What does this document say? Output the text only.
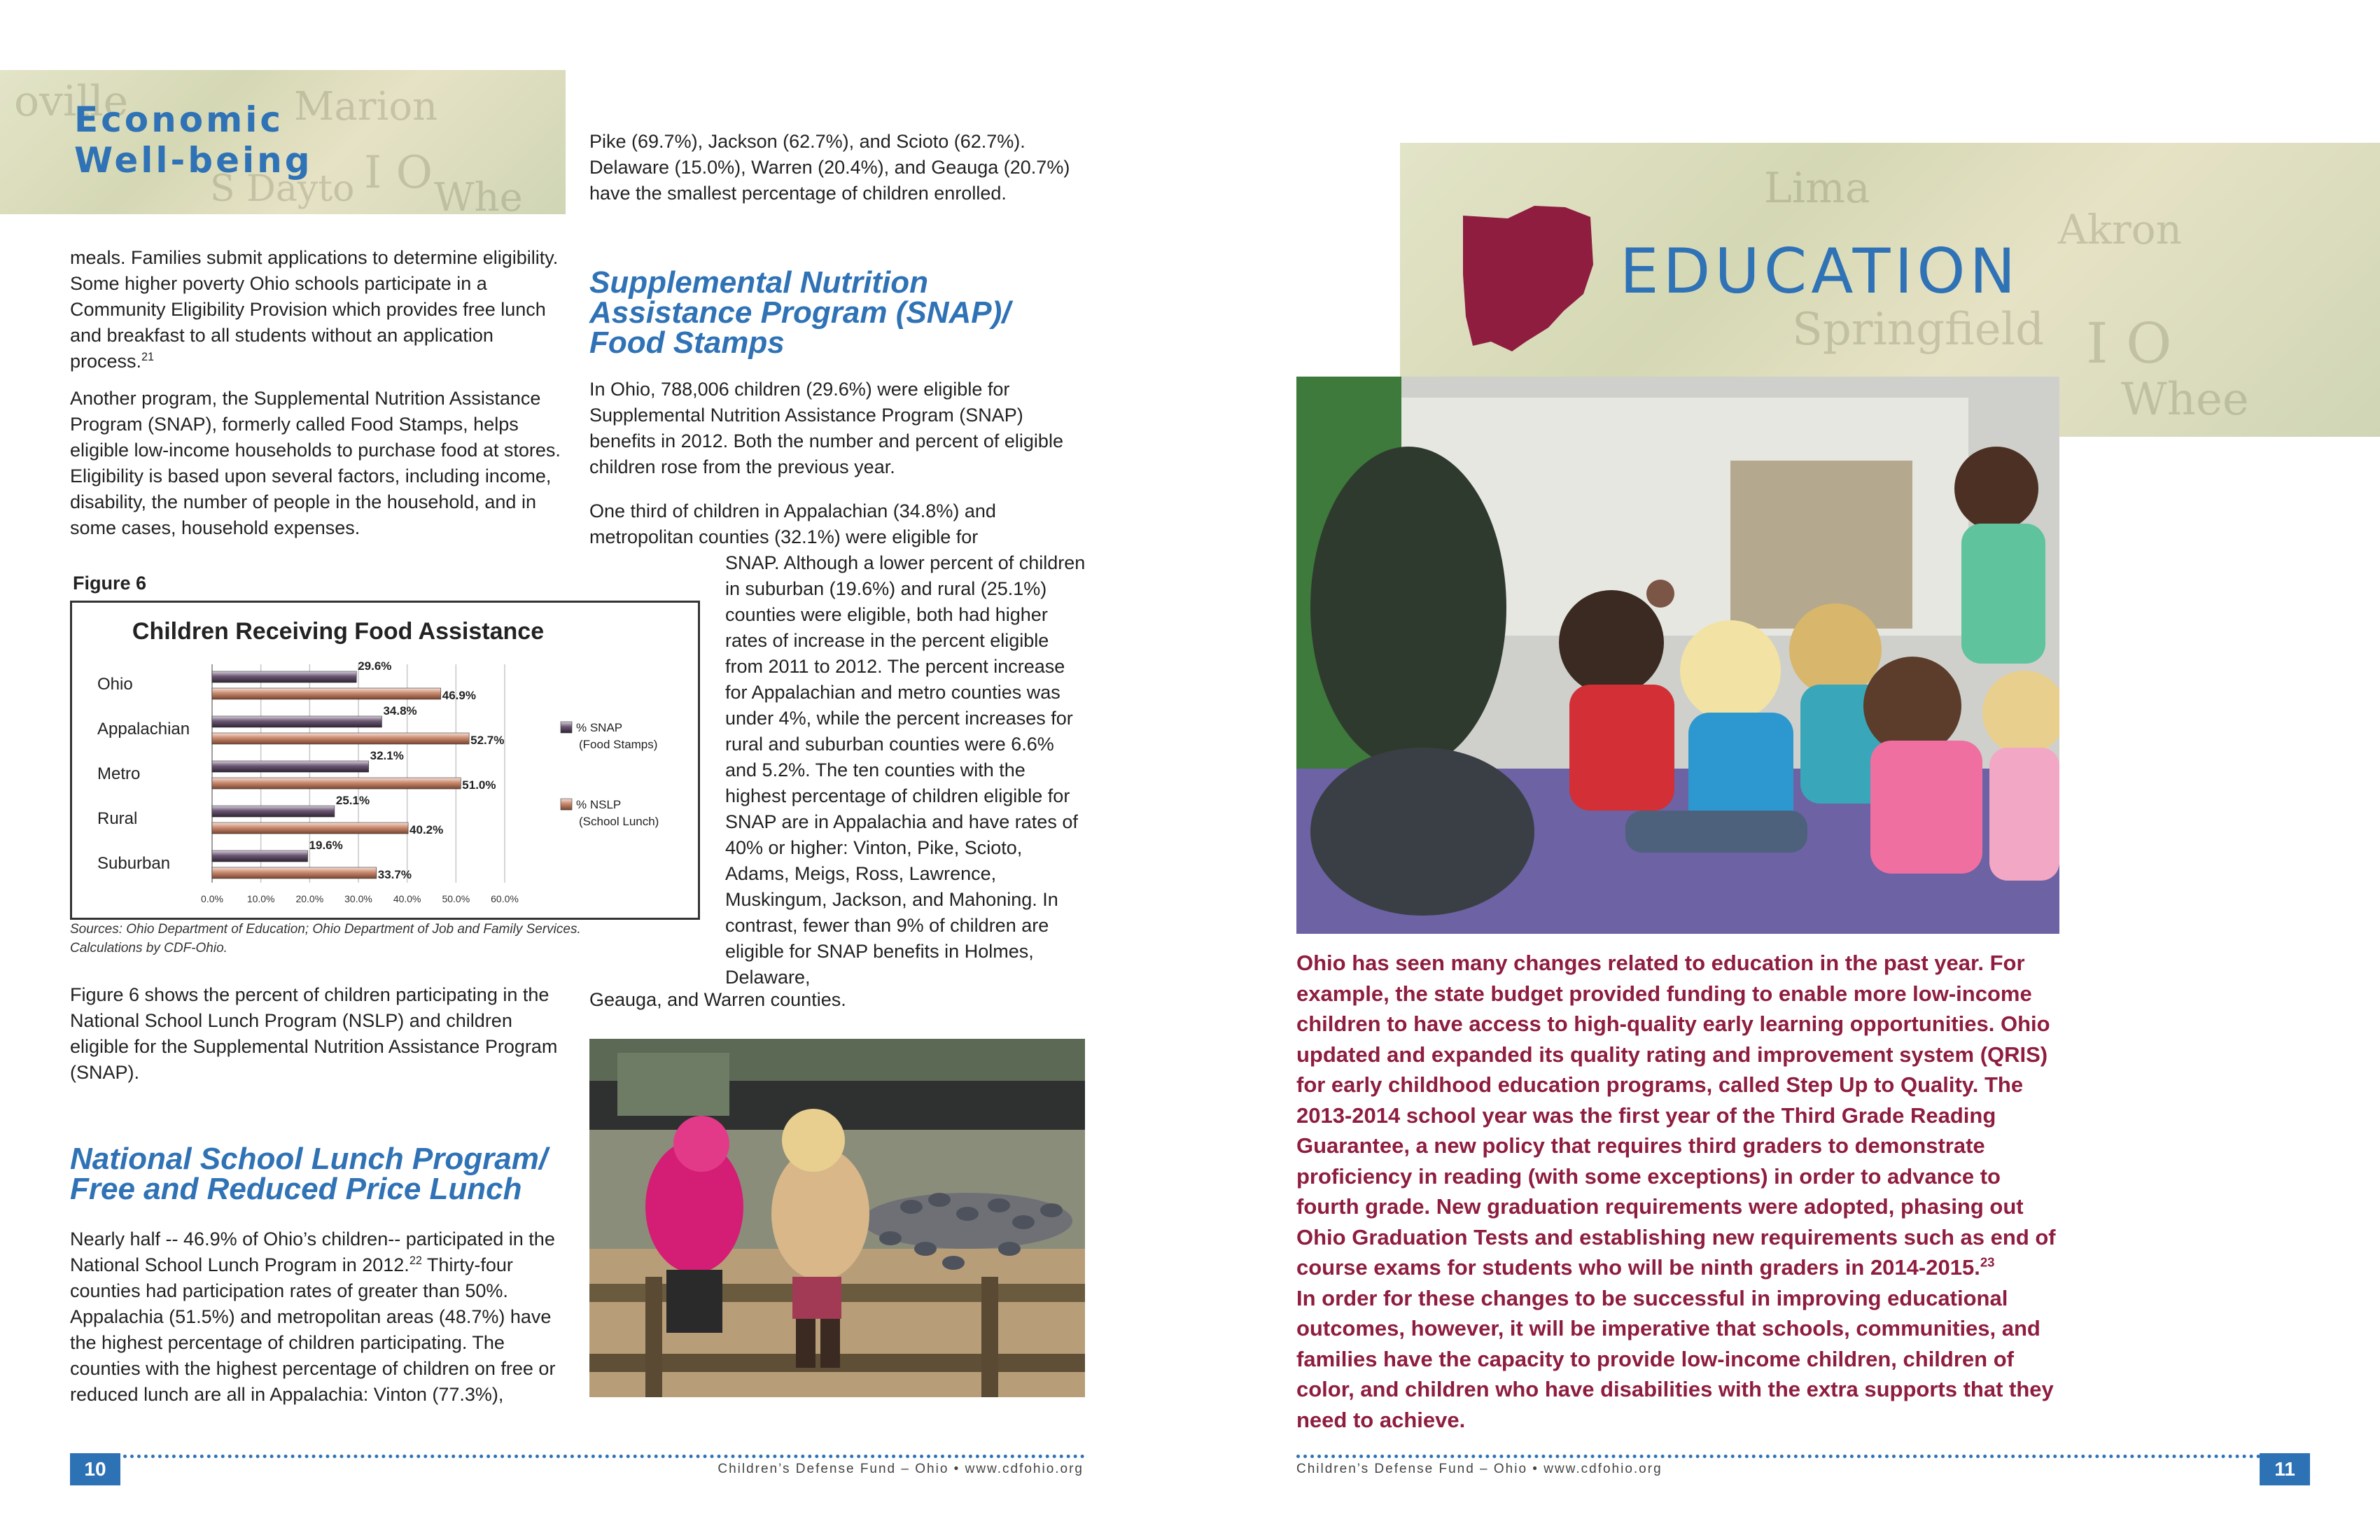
oville	Marion
I O
S Dayto Whe
Economic
Well-being

meals. Families submit applications to determine eligibility. Some higher poverty Ohio schools participate in a Community Eligibility Provision which provides free lunch and breakfast to all students without an application process.$^{21}$

Another program, the Supplemental Nutrition Assistance Program (SNAP), formerly called Food Stamps, helps eligible low-income households to purchase food at stores. Eligibility is based upon several factors, including income, disability, the number of people in the household, and in some cases, household expenses.

Figure 6
Children Receiving Food Assistance
29.6%
46.9%
34.8%
52.7%
32.1%
51.0%
25.1%
40.2%
19.6%
33.7%
Ohio
Appalachian
Metro
Rural
Suburban
0.0% 10.0% 20.0% 30.0% 40.0% 50.0% 60.0%
% SNAP
(Food Stamps)
% NSLP
(School Lunch)
Sources: Ohio Department of Education; Ohio Department of Job and Family Services. Calculations by CDF-Ohio.
Figure 6 shows the percent of children participating in the National School Lunch Program (NSLP) and children eligible for the Supplemental Nutrition Assistance Program (SNAP).
National School Lunch Program/
Free and Reduced Price Lunch
Nearly half -- 46.9% of Ohio’s children-- participated in the National School Lunch Program in 2012.22 Thirty-four counties had participation rates of greater than 50%. Appalachia (51.5%) and metropolitan areas (48.7%) have the highest percentage of children participating. The counties with the highest percentage of children on free or reduced lunch are all in Appalachia: Vinton (77.3%),
Pike (69.7%), Jackson (62.7%), and Scioto (62.7%). Delaware (15.0%), Warren (20.4%), and Geauga (20.7%) have the smallest percentage of children enrolled.
Supplemental Nutrition
Assistance Program (SNAP)/
Food Stamps
In Ohio, 788,006 children (29.6%) were eligible for Supplemental Nutrition Assistance Program (SNAP) benefits in 2012. Both the number and percent of eligible children rose from the previous year.
One third of children in Appalachian (34.8%) and metropolitan counties (32.1%) were eligible for
SNAP. Although a lower percent of children in suburban (19.6%) and rural (25.1%) counties were eligible, both had higher rates of increase in the percent eligible from 2011 to 2012. The percent increase for Appalachian and metro counties was under 4%, while the percent increases for rural and suburban counties were 6.6% and 5.2%. The ten counties with the highest percentage of children eligible for SNAP are in Appalachia and have rates of 40% or higher: Vinton, Pike, Scioto, Adams, Meigs, Ross, Lawrence, Muskingum, Jackson, and Mahoning. In contrast, fewer than 9% of children are eligible for SNAP benefits in Holmes, Delaware,
Geauga, and Warren counties.
10	Children’s Defense Fund – Ohio • www.cdfohio.org
Lima
Akron
Springfield I O
Whee
EDUCATION
Ohio has seen many changes related to education in the past year. For example, the state budget provided funding to enable more low-income children to have access to high-quality early learning opportunities. Ohio updated and expanded its quality rating and improvement system (QRIS) for early childhood education programs, called Step Up to Quality. The 2013-2014 school year was the first year of the Third Grade Reading Guarantee, a new policy that requires third graders to demonstrate proficiency in reading (with some exceptions) in order to advance to fourth grade. New graduation requirements were adopted, phasing out Ohio Graduation Tests and establishing new requirements such as end of course exams for students who will be ninth graders in 2014-2015.23
In order for these changes to be successful in improving educational outcomes, however, it will be imperative that schools, communities, and families have the capacity to provide low-income children, children of color, and children who have disabilities with the extra supports that they need to achieve.
Children’s Defense Fund – Ohio • www.cdfohio.org	11
